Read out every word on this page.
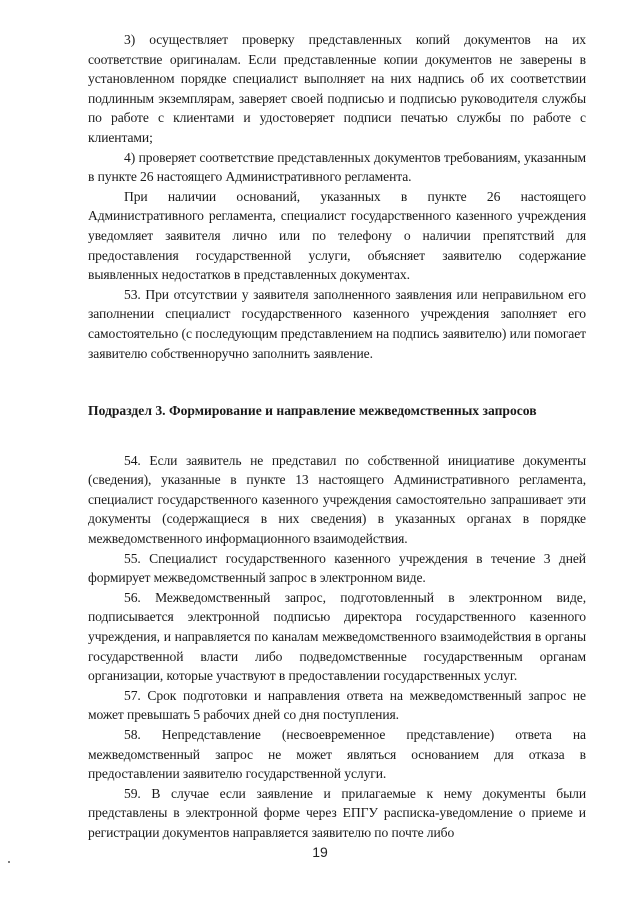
3) осуществляет проверку представленных копий документов на их соответствие оригиналам. Если представленные копии документов не заверены в установленном порядке специалист выполняет на них надпись об их соответствии подлинным экземплярам, заверяет своей подписью и подписью руководителя службы по работе с клиентами и удостоверяет подписи печатью службы по работе с клиентами;

4) проверяет соответствие представленных документов требованиям, указанным в пункте 26 настоящего Административного регламента.

При наличии оснований, указанных в пункте 26 настоящего Административного регламента, специалист государственного казенного учреждения уведомляет заявителя лично или по телефону о наличии препятствий для предоставления государственной услуги, объясняет заявителю содержание выявленных недостатков в представленных документах.

53. При отсутствии у заявителя заполненного заявления или неправильном его заполнении специалист государственного казенного учреждения заполняет его самостоятельно (с последующим представлением на подпись заявителю) или помогает заявителю собственноручно заполнить заявление.

Подраздел 3. Формирование и направление межведомственных запросов

54. Если заявитель не представил по собственной инициативе документы (сведения), указанные в пункте 13 настоящего Административного регламента, специалист государственного казенного учреждения самостоятельно запрашивает эти документы (содержащиеся в них сведения) в указанных органах в порядке межведомственного информационного взаимодействия.

55. Специалист государственного казенного учреждения в течение 3 дней формирует межведомственный запрос в электронном виде.

56. Межведомственный запрос, подготовленный в электронном виде, подписывается электронной подписью директора государственного казенного учреждения, и направляется по каналам межведомственного взаимодействия в органы государственной власти либо подведомственные государственным органам организации, которые участвуют в предоставлении государственных услуг.

57. Срок подготовки и направления ответа на межведомственный запрос не может превышать 5 рабочих дней со дня поступления.

58. Непредставление (несвоевременное представление) ответа на межведомственный запрос не может являться основанием для отказа в предоставлении заявителю государственной услуги.

59. В случае если заявление и прилагаемые к нему документы были представлены в электронной форме через ЕПГУ расписка-уведомление о приеме и регистрации документов направляется заявителю по почте либо

19
